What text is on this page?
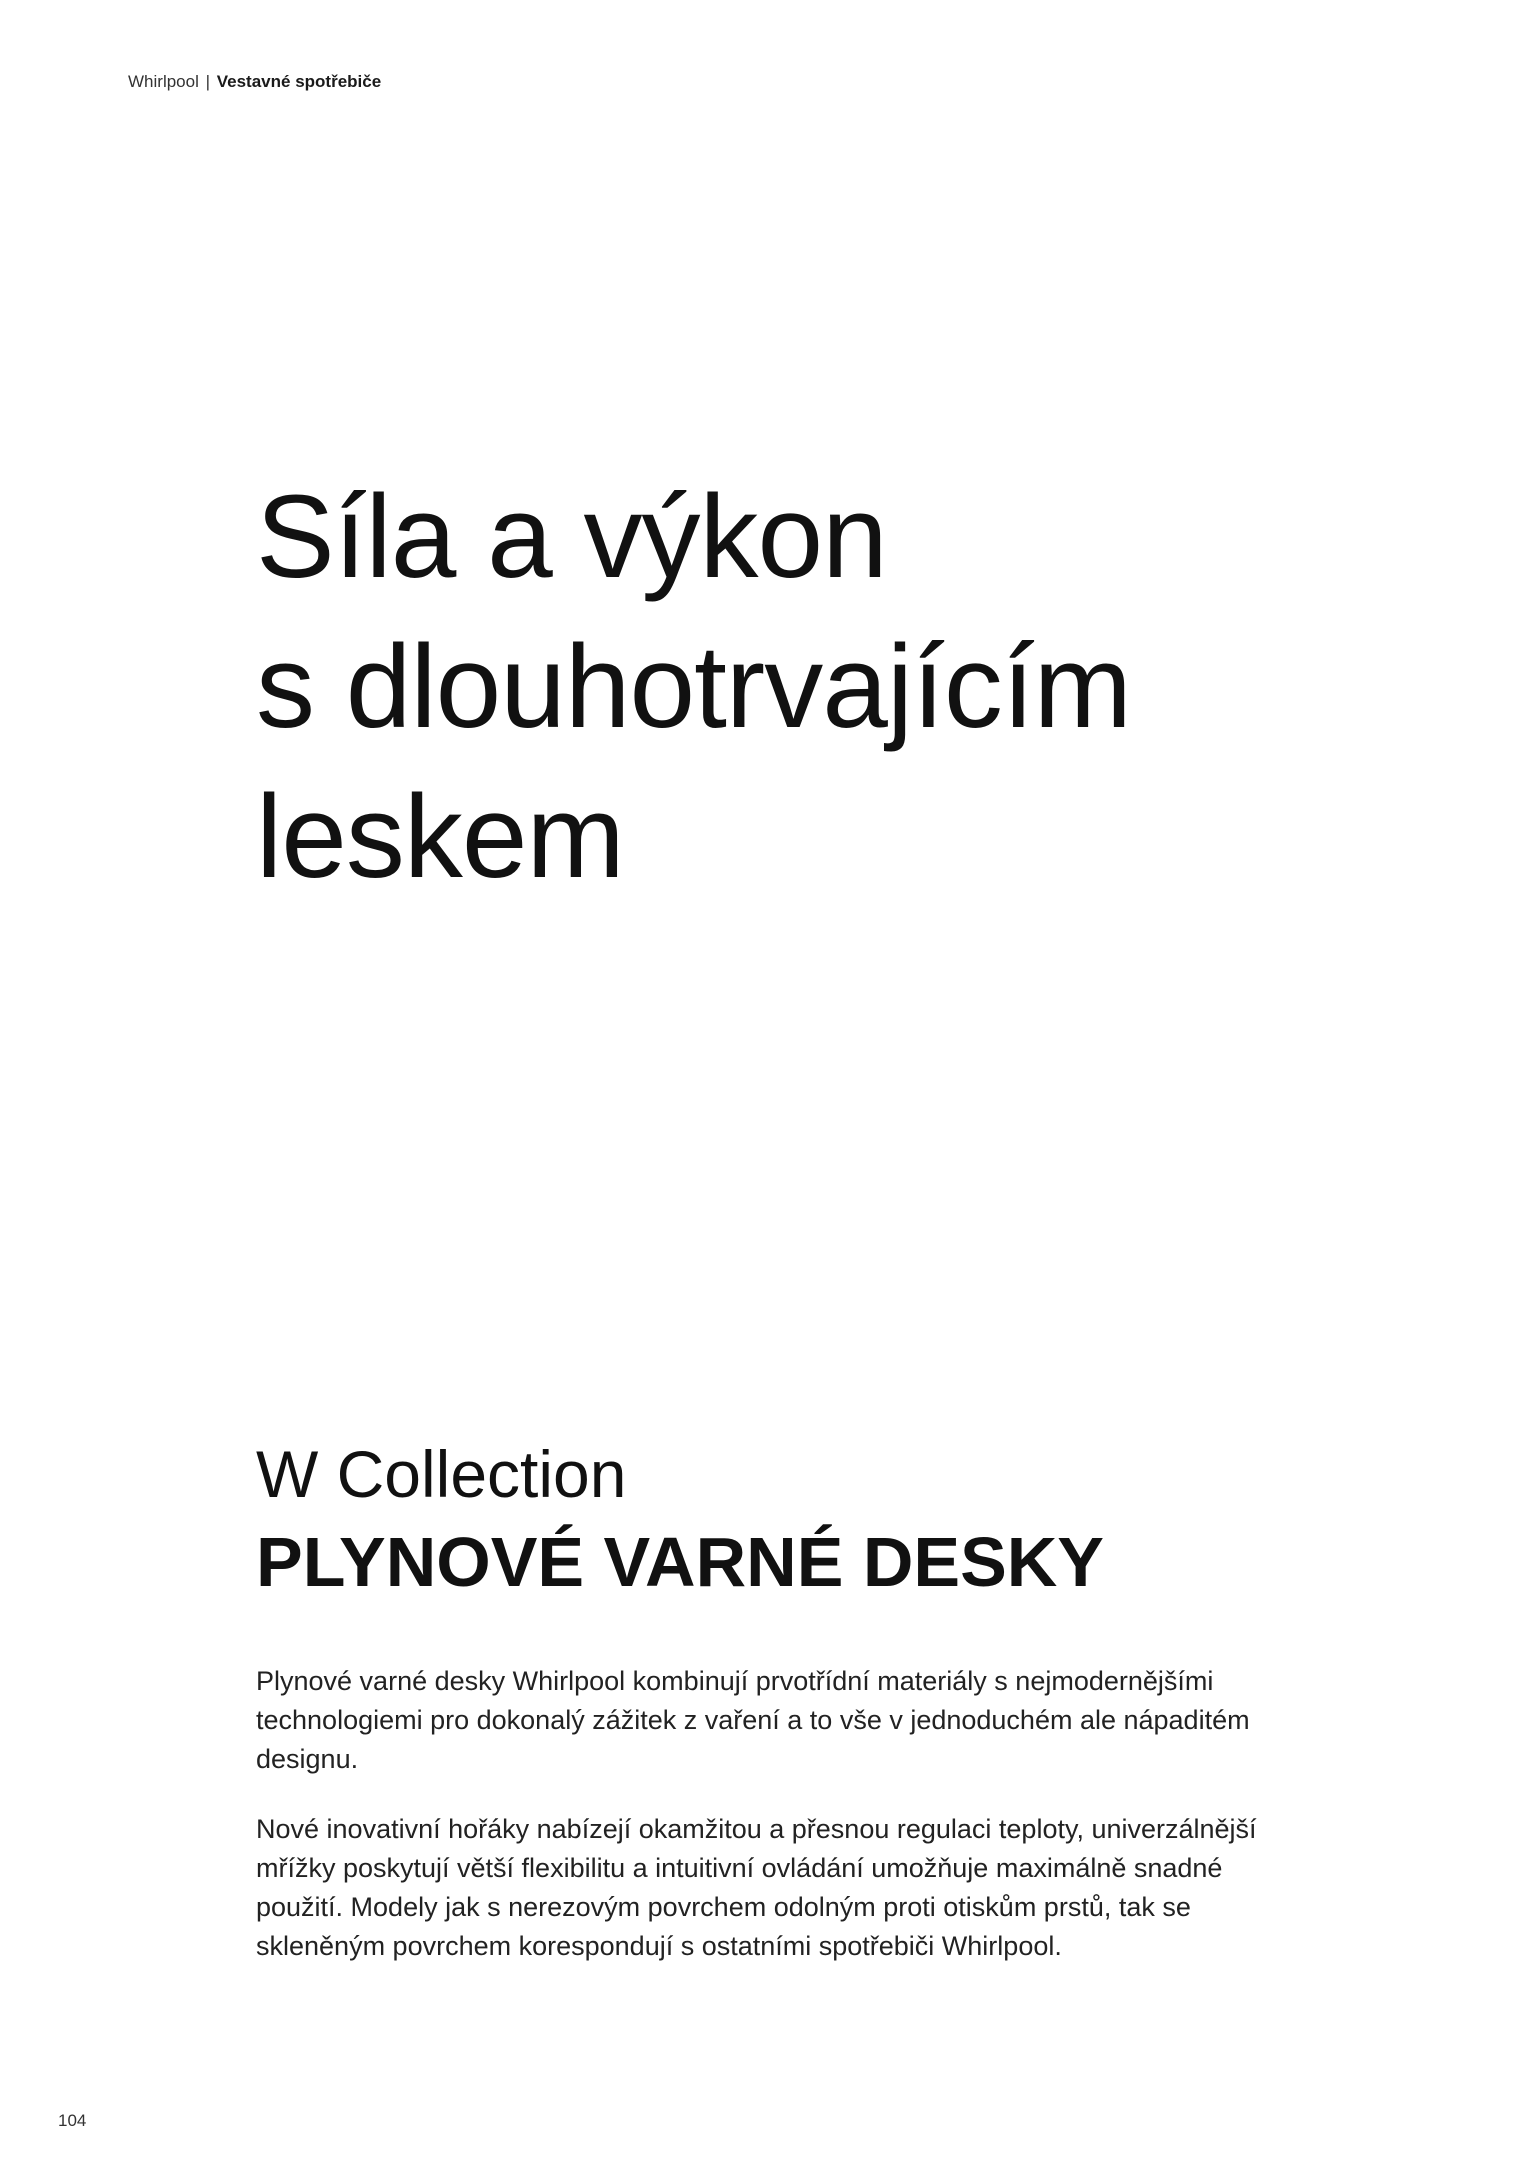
Whirlpool | Vestavné spotřebiče
Síla a výkon
s dlouhotrvajícím
leskem
W Collection
PLYNOVÉ VARNÉ DESKY

Plynové varné desky Whirlpool kombinují prvotřídní materiály s nejmodernějšími technologiemi pro dokonalý zážitek z vaření a to vše v jednoduchém ale nápaditém designu.

Nové inovativní hořáky nabízejí okamžitou a přesnou regulaci teploty, univerzálnější mřížky poskytují větší flexibilitu a intuitivní ovládání umožňuje maximálně snadné použití. Modely jak s nerezovým povrchem odolným proti otiskům prstů, tak se skleněným povrchem korespondují s ostatními spotřebiči Whirlpool.

104
